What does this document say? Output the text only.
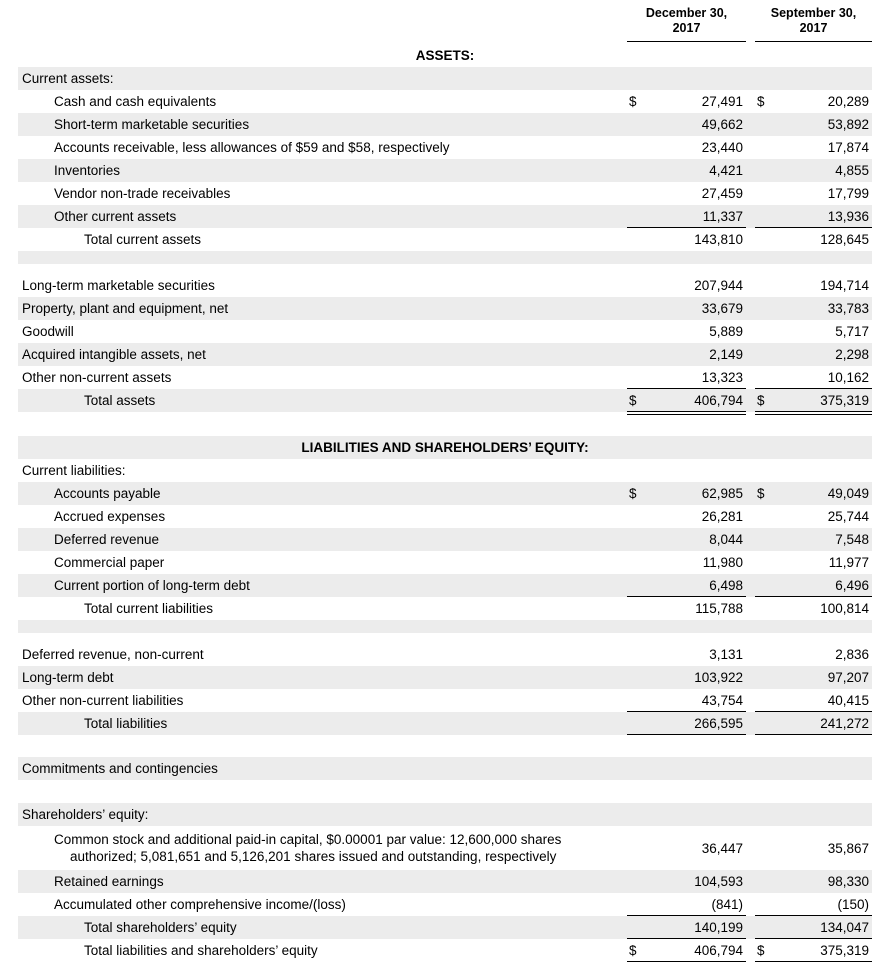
December 30,
2017
September 30,
2017
ASSETS:
Current assets:
Cash and cash equivalents	$	27,491 $	20,289
Short-term marketable securities	49,662	53,892
Accounts receivable, less allowances of $59 and $58, respectively	23,440	17,874
Inventories	4,421	4,855
Vendor non-trade receivables	27,459	17,799
Other current assets	11,337	13,936
Total current assets	143,810	128,645
Long-term marketable securities	207,944	194,714
Property, plant and equipment, net	33,679	33,783
Goodwill	5,889	5,717
Acquired intangible assets, net	2,149	2,298
Other non-current assets	13,323	10,162
Total assets	$	406,794 $	375,319
LIABILITIES AND SHAREHOLDERS’ EQUITY:
Current liabilities:
Accounts payable	$	62,985 $	49,049
Accrued expenses	26,281	25,744
Deferred revenue	8,044	7,548
Commercial paper	11,980	11,977
Current portion of long-term debt	6,498	6,496
Total current liabilities	115,788	100,814
Deferred revenue, non-current	3,131	2,836
Long-term debt	103,922	97,207
Other non-current liabilities	43,754	40,415
Total liabilities	266,595	241,272
Commitments and contingencies
Shareholders’ equity:
Common stock and additional paid-in capital, $0.00001 par value: 12,600,000 shares
authorized; 5,081,651 and 5,126,201 shares issued and outstanding, respectively
36,447	35,867
Retained earnings	104,593	98,330
Accumulated other comprehensive income/(loss)	(841)	(150)
Total shareholders’ equity	140,199	134,047
Total liabilities and shareholders’ equity	$	406,794 $	375,319
